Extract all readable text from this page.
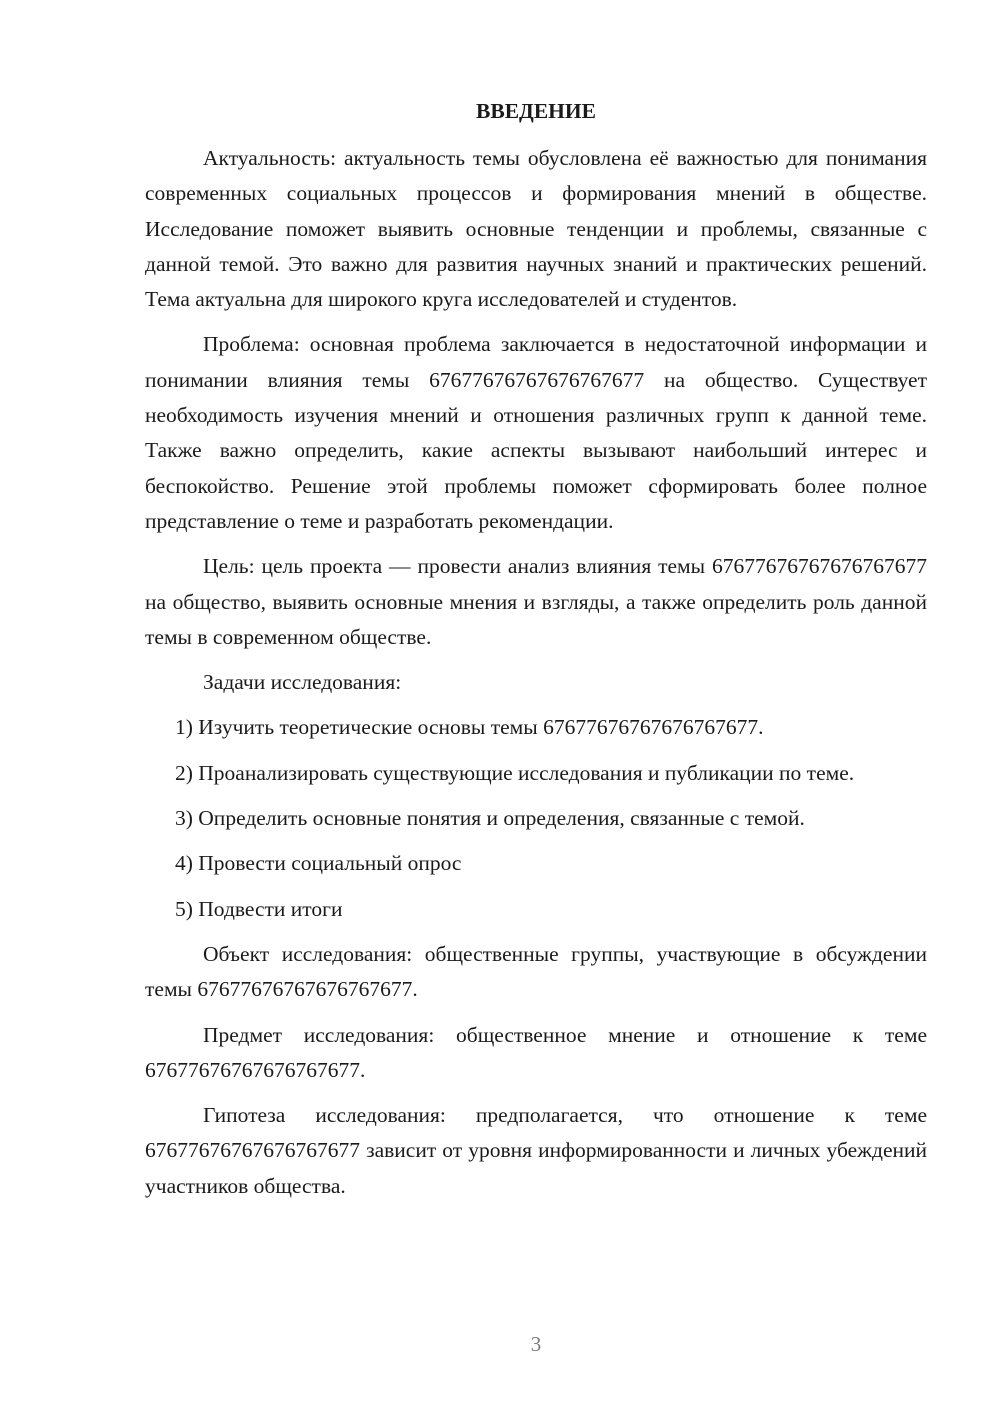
ВВЕДЕНИЕ

Актуальность: актуальность темы обусловлена её важностью для понимания современных социальных процессов и формирования мнений в обществе. Исследование поможет выявить основные тенденции и проблемы, связанные с данной темой. Это важно для развития научных знаний и практических решений. Тема актуальна для широкого круга исследователей и студентов.

Проблема: основная проблема заключается в недостаточной информации и понимании влияния темы 67677676767676767677 на общество. Существует необходимость изучения мнений и отношения различных групп к данной теме. Также важно определить, какие аспекты вызывают наибольший интерес и беспокойство. Решение этой проблемы поможет сформировать более полное представление о теме и разработать рекомендации.

Цель: цель проекта — провести анализ влияния темы 67677676767676767677 на общество, выявить основные мнения и взгляды, а также определить роль данной темы в современном обществе.

Задачи исследования:

1) Изучить теоретические основы темы 67677676767676767677.

2) Проанализировать существующие исследования и публикации по теме.

3) Определить основные понятия и определения, связанные с темой.

4) Провести социальный опрос

5) Подвести итоги

Объект исследования: общественные группы, участвующие в обсуждении темы 67677676767676767677.

Предмет исследования: общественное мнение и отношение к теме 67677676767676767677.

Гипотеза исследования: предполагается, что отношение к теме 67677676767676767677 зависит от уровня информированности и личных убеждений участников общества.

3
